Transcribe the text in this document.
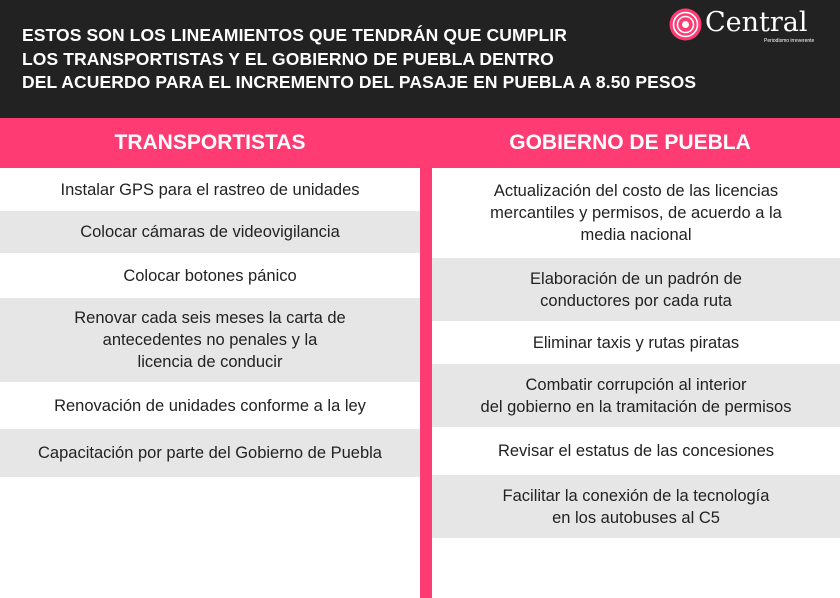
ESTOS SON LOS LINEAMIENTOS QUE TENDRÁN QUE CUMPLIR
LOS TRANSPORTISTAS Y EL GOBIERNO DE PUEBLA DENTRO
DEL ACUERDO PARA EL INCREMENTO DEL PASAJE EN PUEBLA A 8.50 PESOS
Central
Periodismo irreverente
TRANSPORTISTAS	GOBIERNO DE PUEBLA
Instalar GPS para el rastreo de unidades
Colocar cámaras de videovigilancia
Colocar botones pánico
Renovar cada seis meses la carta de
antecedentes no penales y la
licencia de conducir
Renovación de unidades conforme a la ley
Capacitación por parte del Gobierno de Puebla
Actualización del costo de las licencias
mercantiles y permisos, de acuerdo a la
media nacional
Elaboración de un padrón de
conductores por cada ruta
Eliminar taxis y rutas piratas
Combatir corrupción al interior
del gobierno en la tramitación de permisos
Revisar el estatus de las concesiones
Facilitar la conexión de la tecnología
en los autobuses al C5
